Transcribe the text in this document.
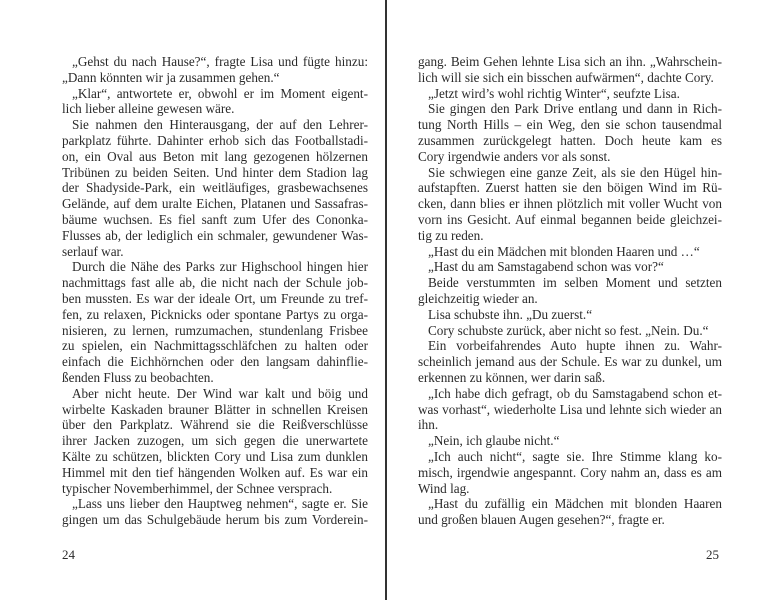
„Gehst du nach Hause?“, fragte Lisa und fügte hinzu:
„Dann könnten wir ja zusammen gehen.“
„Klar“, antwortete er, obwohl er im Moment eigent-
lich lieber alleine gewesen wäre.
Sie nahmen den Hinterausgang, der auf den Lehrer-
parkplatz führte. Dahinter erhob sich das Footballstadi-
on, ein Oval aus Beton mit lang gezogenen hölzernen
Tribünen zu beiden Seiten. Und hinter dem Stadion lag
der Shadyside-Park, ein weitläufiges, grasbewachsenes
Gelände, auf dem uralte Eichen, Platanen und Sassafras-
bäume wuchsen. Es fiel sanft zum Ufer des Cononka-
Flusses ab, der lediglich ein schmaler, gewundener Was-
serlauf war.
Durch die Nähe des Parks zur Highschool hingen hier
nachmittags fast alle ab, die nicht nach der Schule job-
ben mussten. Es war der ideale Ort, um Freunde zu tref-
fen, zu relaxen, Picknicks oder spontane Partys zu orga-
nisieren, zu lernen, rumzumachen, stundenlang Frisbee
zu spielen, ein Nachmittagsschläfchen zu halten oder
einfach die Eichhörnchen oder den langsam dahinflie-
ßenden Fluss zu beobachten.
Aber nicht heute. Der Wind war kalt und böig und
wirbelte Kaskaden brauner Blätter in schnellen Kreisen
über den Parkplatz. Während sie die Reißverschlüsse
ihrer Jacken zuzogen, um sich gegen die unerwartete
Kälte zu schützen, blickten Cory und Lisa zum dunklen
Himmel mit den tief hängenden Wolken auf. Es war ein
typischer Novemberhimmel, der Schnee versprach.
„Lass uns lieber den Hauptweg nehmen“, sagte er. Sie
gingen um das Schulgebäude herum bis zum Vorderein-
gang. Beim Gehen lehnte Lisa sich an ihn. „Wahrschein-
lich will sie sich ein bisschen aufwärmen“, dachte Cory.
„Jetzt wird’s wohl richtig Winter“, seufzte Lisa.
Sie gingen den Park Drive entlang und dann in Rich-
tung North Hills – ein Weg, den sie schon tausendmal
zusammen zurückgelegt hatten. Doch heute kam es
Cory irgendwie anders vor als sonst.
Sie schwiegen eine ganze Zeit, als sie den Hügel hin-
aufstapften. Zuerst hatten sie den böigen Wind im Rü-
cken, dann blies er ihnen plötzlich mit voller Wucht von
vorn ins Gesicht. Auf einmal begannen beide gleichzei-
tig zu reden.
„Hast du ein Mädchen mit blonden Haaren und …“
„Hast du am Samstagabend schon was vor?“
Beide verstummten im selben Moment und setzten
gleichzeitig wieder an.
Lisa schubste ihn. „Du zuerst.“
Cory schubste zurück, aber nicht so fest. „Nein. Du.“
Ein vorbeifahrendes Auto hupte ihnen zu. Wahr-
scheinlich jemand aus der Schule. Es war zu dunkel, um
erkennen zu können, wer darin saß.
„Ich habe dich gefragt, ob du Samstagabend schon et-
was vorhast“, wiederholte Lisa und lehnte sich wieder an
ihn.
„Nein, ich glaube nicht.“
„Ich auch nicht“, sagte sie. Ihre Stimme klang ko-
misch, irgendwie angespannt. Cory nahm an, dass es am
Wind lag.
„Hast du zufällig ein Mädchen mit blonden Haaren
und großen blauen Augen gesehen?“, fragte er.
24	25
